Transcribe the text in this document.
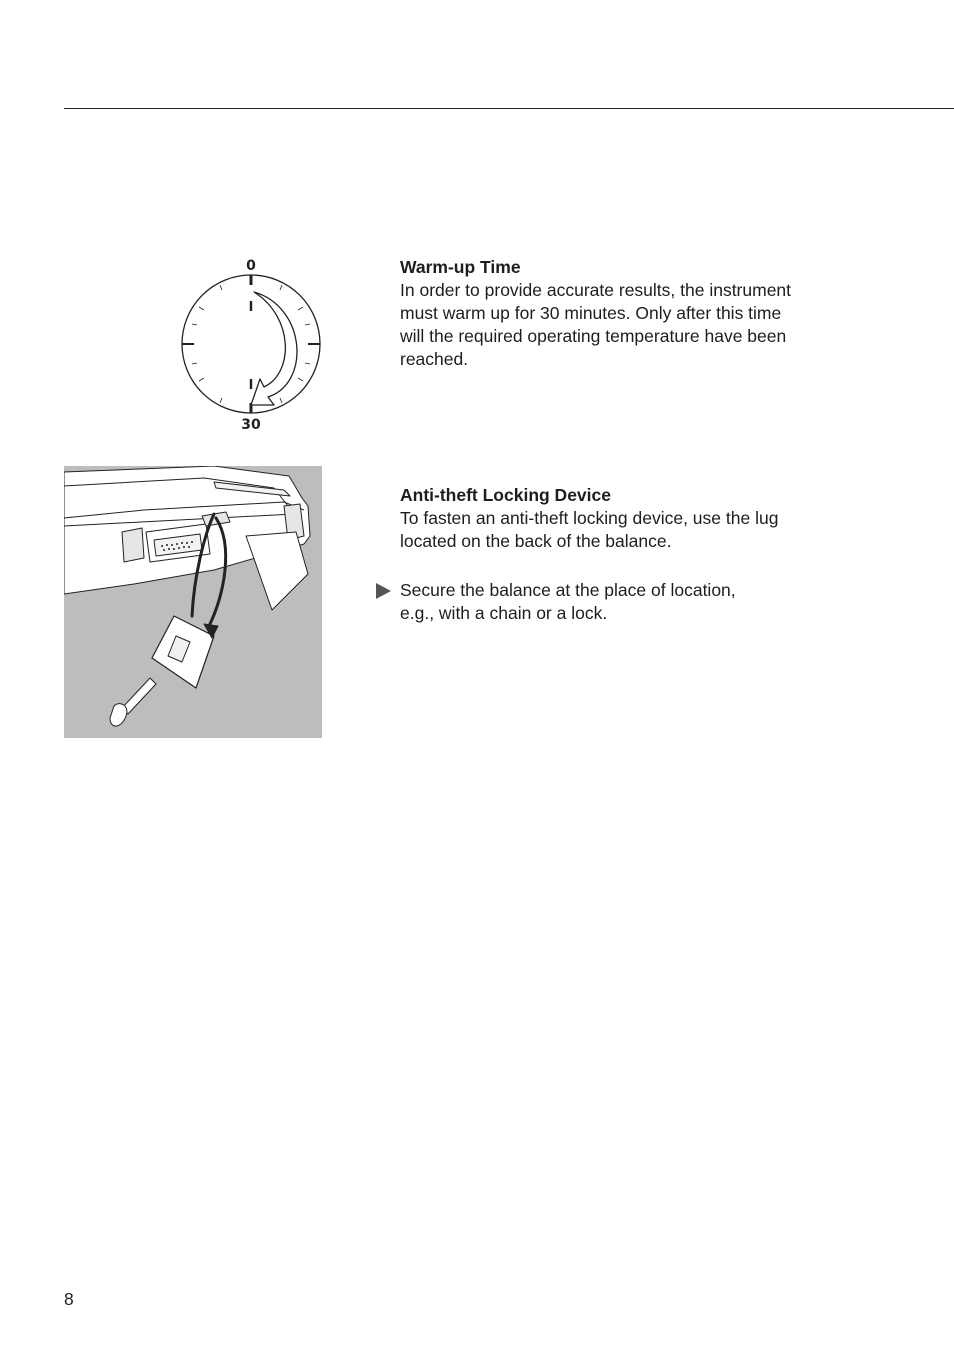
0
30
Warm-up Time

In order to provide accurate results, the instrument

must warm up for 30 minutes. Only after this time

will the required operating temperature have been

reached.

Anti-theft Locking Device

To fasten an anti-theft locking device, use the lug

located on the back of the balance.

Secure the balance at the place of location,
e.g., with a chain or a lock.
8
